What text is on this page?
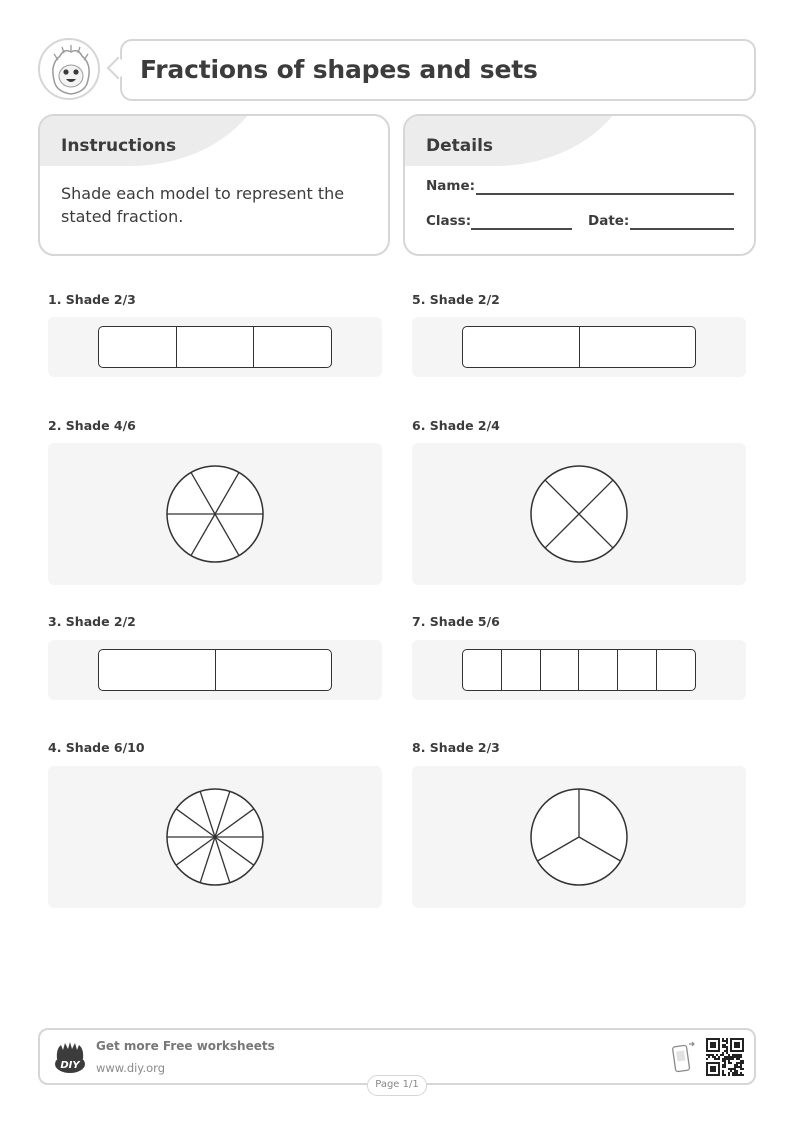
Fractions of shapes and sets
Instructions
Shade each model to represent the stated fraction.
Details
Name:
Class:	Date:
1. Shade 2/3
2. Shade 4/6
3. Shade 2/2
4. Shade 6/10
5. Shade 2/2
6. Shade 2/4
7. Shade 5/6
8. Shade 2/3
DIY
Get more Free worksheets
www.diy.org
Page 1/1
